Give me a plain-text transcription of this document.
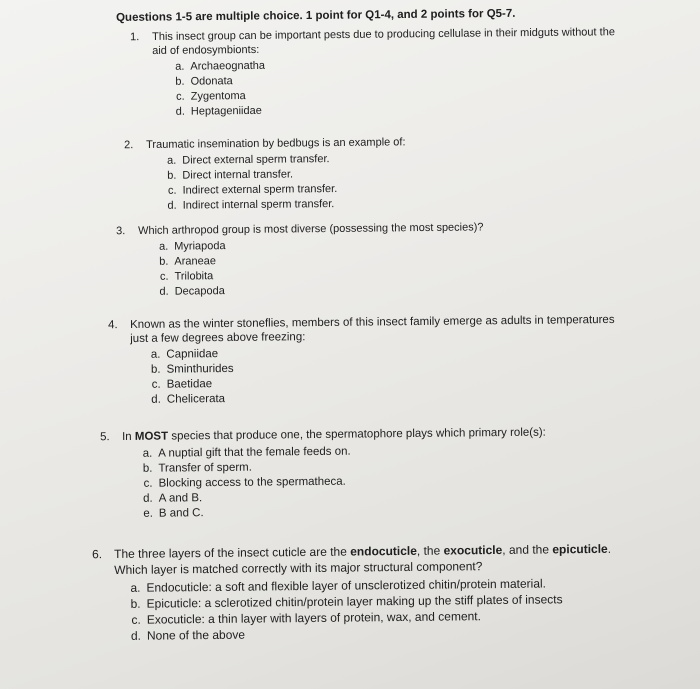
Questions 1-5 are multiple choice. 1 point for Q1-4, and 2 points for Q5-7.
1. This insect group can be important pests due to producing cellulase in their midguts without the
aid of endosymbionts:
a. Archaeognatha
b. Odonata
c. Zygentoma
d. Heptageniidae
2. Traumatic insemination by bedbugs is an example of:
a. Direct external sperm transfer.
b. Direct internal transfer.
c. Indirect external sperm transfer.
d. Indirect internal sperm transfer.
3. Which arthropod group is most diverse (possessing the most species)?
a. Myriapoda
b. Araneae
c. Trilobita
d. Decapoda
4. Known as the winter stoneflies, members of this insect family emerge as adults in temperatures
just a few degrees above freezing:
a. Capniidae
b. Sminthurides
c. Baetidae
d. Chelicerata
5. In MOST species that produce one, the spermatophore plays which primary role(s):
a. A nuptial gift that the female feeds on.
b. Transfer of sperm.
c. Blocking access to the spermatheca.
d. A and B.
e. B and C.
6. The three layers of the insect cuticle are the endocuticle, the exocuticle, and the epicuticle.
Which layer is matched correctly with its major structural component?
a. Endocuticle: a soft and flexible layer of unsclerotized chitin/protein material.
b. Epicuticle: a sclerotized chitin/protein layer making up the stiff plates of insects
c. Exocuticle: a thin layer with layers of protein, wax, and cement.
d. None of the above
